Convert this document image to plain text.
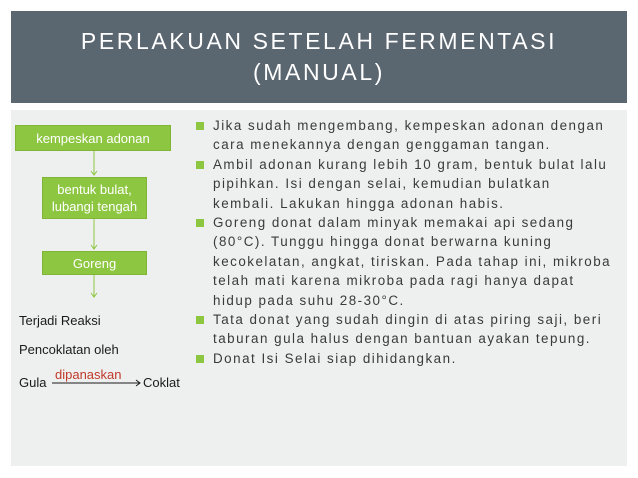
PERLAKUAN SETELAH FERMENTASI
(MANUAL)
kempeskan adonan
bentuk bulat,
lubangi tengah
Goreng
Terjadi Reaksi
Pencoklatan oleh
Gula
dipanaskan
Coklat
Jika sudah mengembang, kempeskan adonan dengan cara menekannya dengan genggaman tangan.
Ambil adonan kurang lebih 10 gram, bentuk bulat lalu pipihkan. Isi dengan selai, kemudian bulatkan kembali. Lakukan hingga adonan habis.
Goreng donat dalam minyak memakai api sedang (80°C). Tunggu hingga donat berwarna kuning kecokelatan, angkat, tiriskan. Pada tahap ini, mikroba telah mati karena mikroba pada ragi hanya dapat hidup pada suhu 28-30°C.
Tata donat yang sudah dingin di atas piring saji, beri taburan gula halus dengan bantuan ayakan tepung.
Donat Isi Selai siap dihidangkan.
